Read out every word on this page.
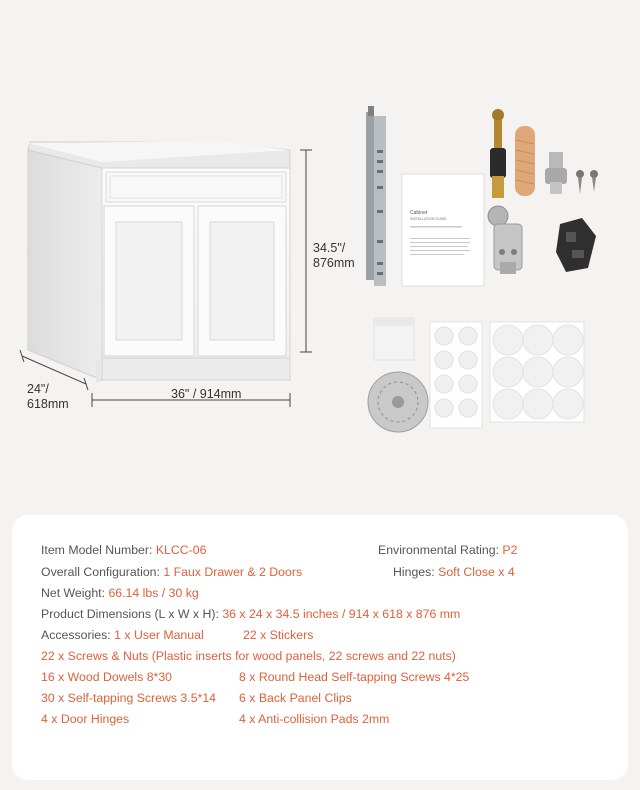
Cabinet
INSTALLATION GUIDE
34.5"/
876mm
36" / 914mm
24"/
618mm
Item Model Number: KLCC-06	Environmental Rating: P2
Overall Configuration: 1 Faux Drawer & 2 Doors	Hinges: Soft Close x 4
Net Weight: 66.14 lbs / 30 kg
Product Dimensions (L x W x H): 36 x 24 x 34.5 inches / 914 x 618 x 876 mm
Accessories: 1 x User Manual	22 x Stickers
22 x Screws & Nuts (Plastic inserts for wood panels, 22 screws and 22 nuts)
16 x Wood Dowels 8*30	8 x Round Head Self-tapping Screws 4*25
30 x Self-tapping Screws 3.5*14 6 x Back Panel Clips
4 x Door Hinges	4 x Anti-collision Pads 2mm
